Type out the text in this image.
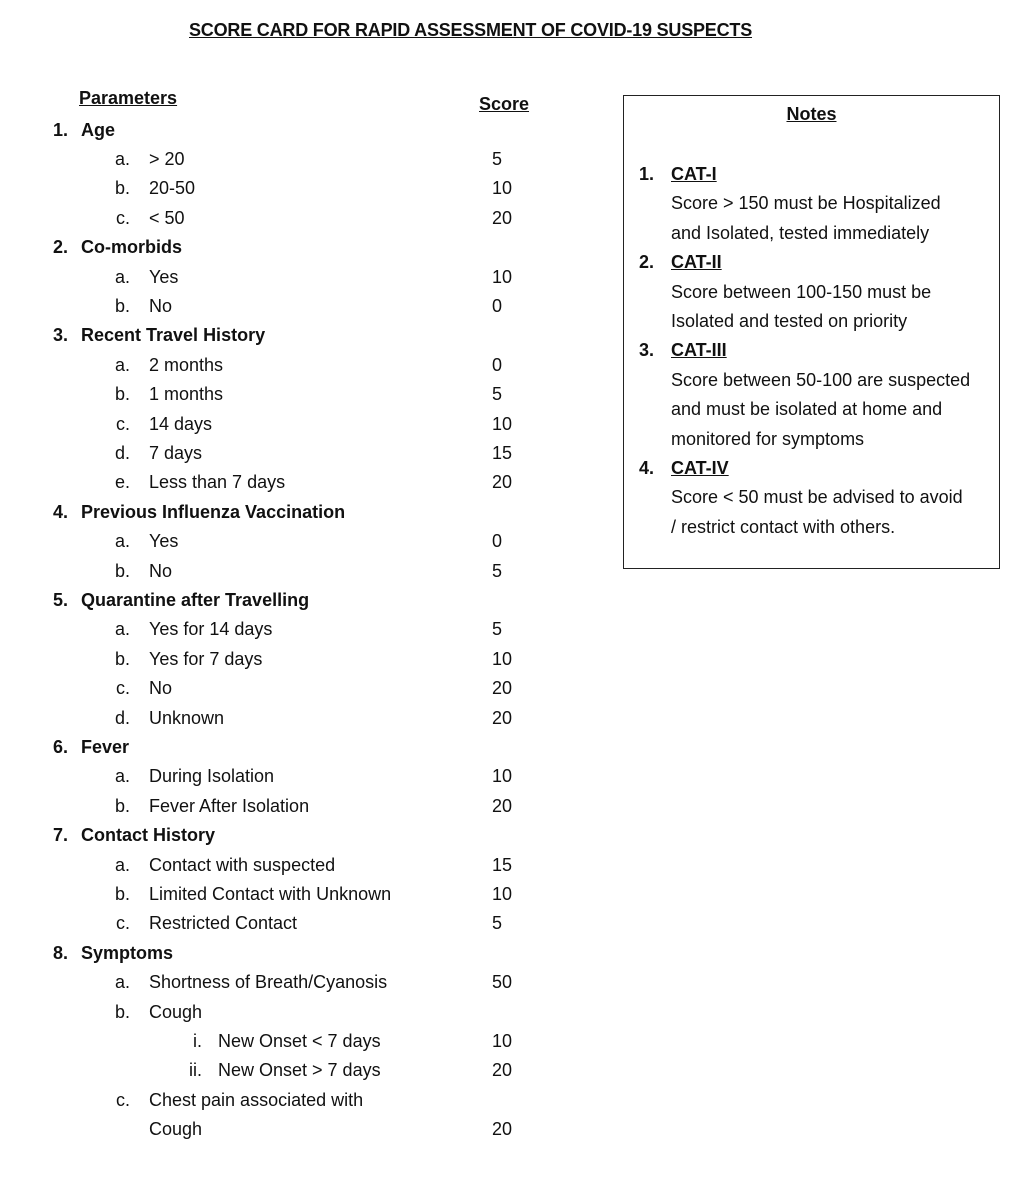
SCORE CARD FOR RAPID ASSESSMENT OF COVID-19 SUSPECTS
Parameters	Score
1. Age
a. > 20	5
b. 20-50	10
c. < 50	20
2. Co-morbids
a. Yes	10
b. No	0
3. Recent Travel History
a. 2 months	0
b. 1 months	5
c. 14 days	10
d. 7 days	15
e. Less than 7 days	20
4. Previous Influenza Vaccination
a. Yes	0
b. No	5
5. Quarantine after Travelling
a. Yes for 14 days	5
b. Yes for 7 days	10
c. No	20
d. Unknown	20
6. Fever
a. During Isolation	10
b. Fever After Isolation	20
7. Contact History
a. Contact with suspected	15
b. Limited Contact with Unknown	10
c. Restricted Contact	5
8. Symptoms
a. Shortness of Breath/Cyanosis	50
b. Cough
i. New Onset < 7 days	10
ii. New Onset > 7 days	20
c. Chest pain associated with
Cough	20
Notes
1. CAT-I
Score > 150 must be Hospitalized
and Isolated, tested immediately
2. CAT-II
Score between 100-150 must be
Isolated and tested on priority
3. CAT-III
Score between 50-100 are suspected
and must be isolated at home and
monitored for symptoms
4. CAT-IV
Score < 50 must be advised to avoid
/ restrict contact with others.
